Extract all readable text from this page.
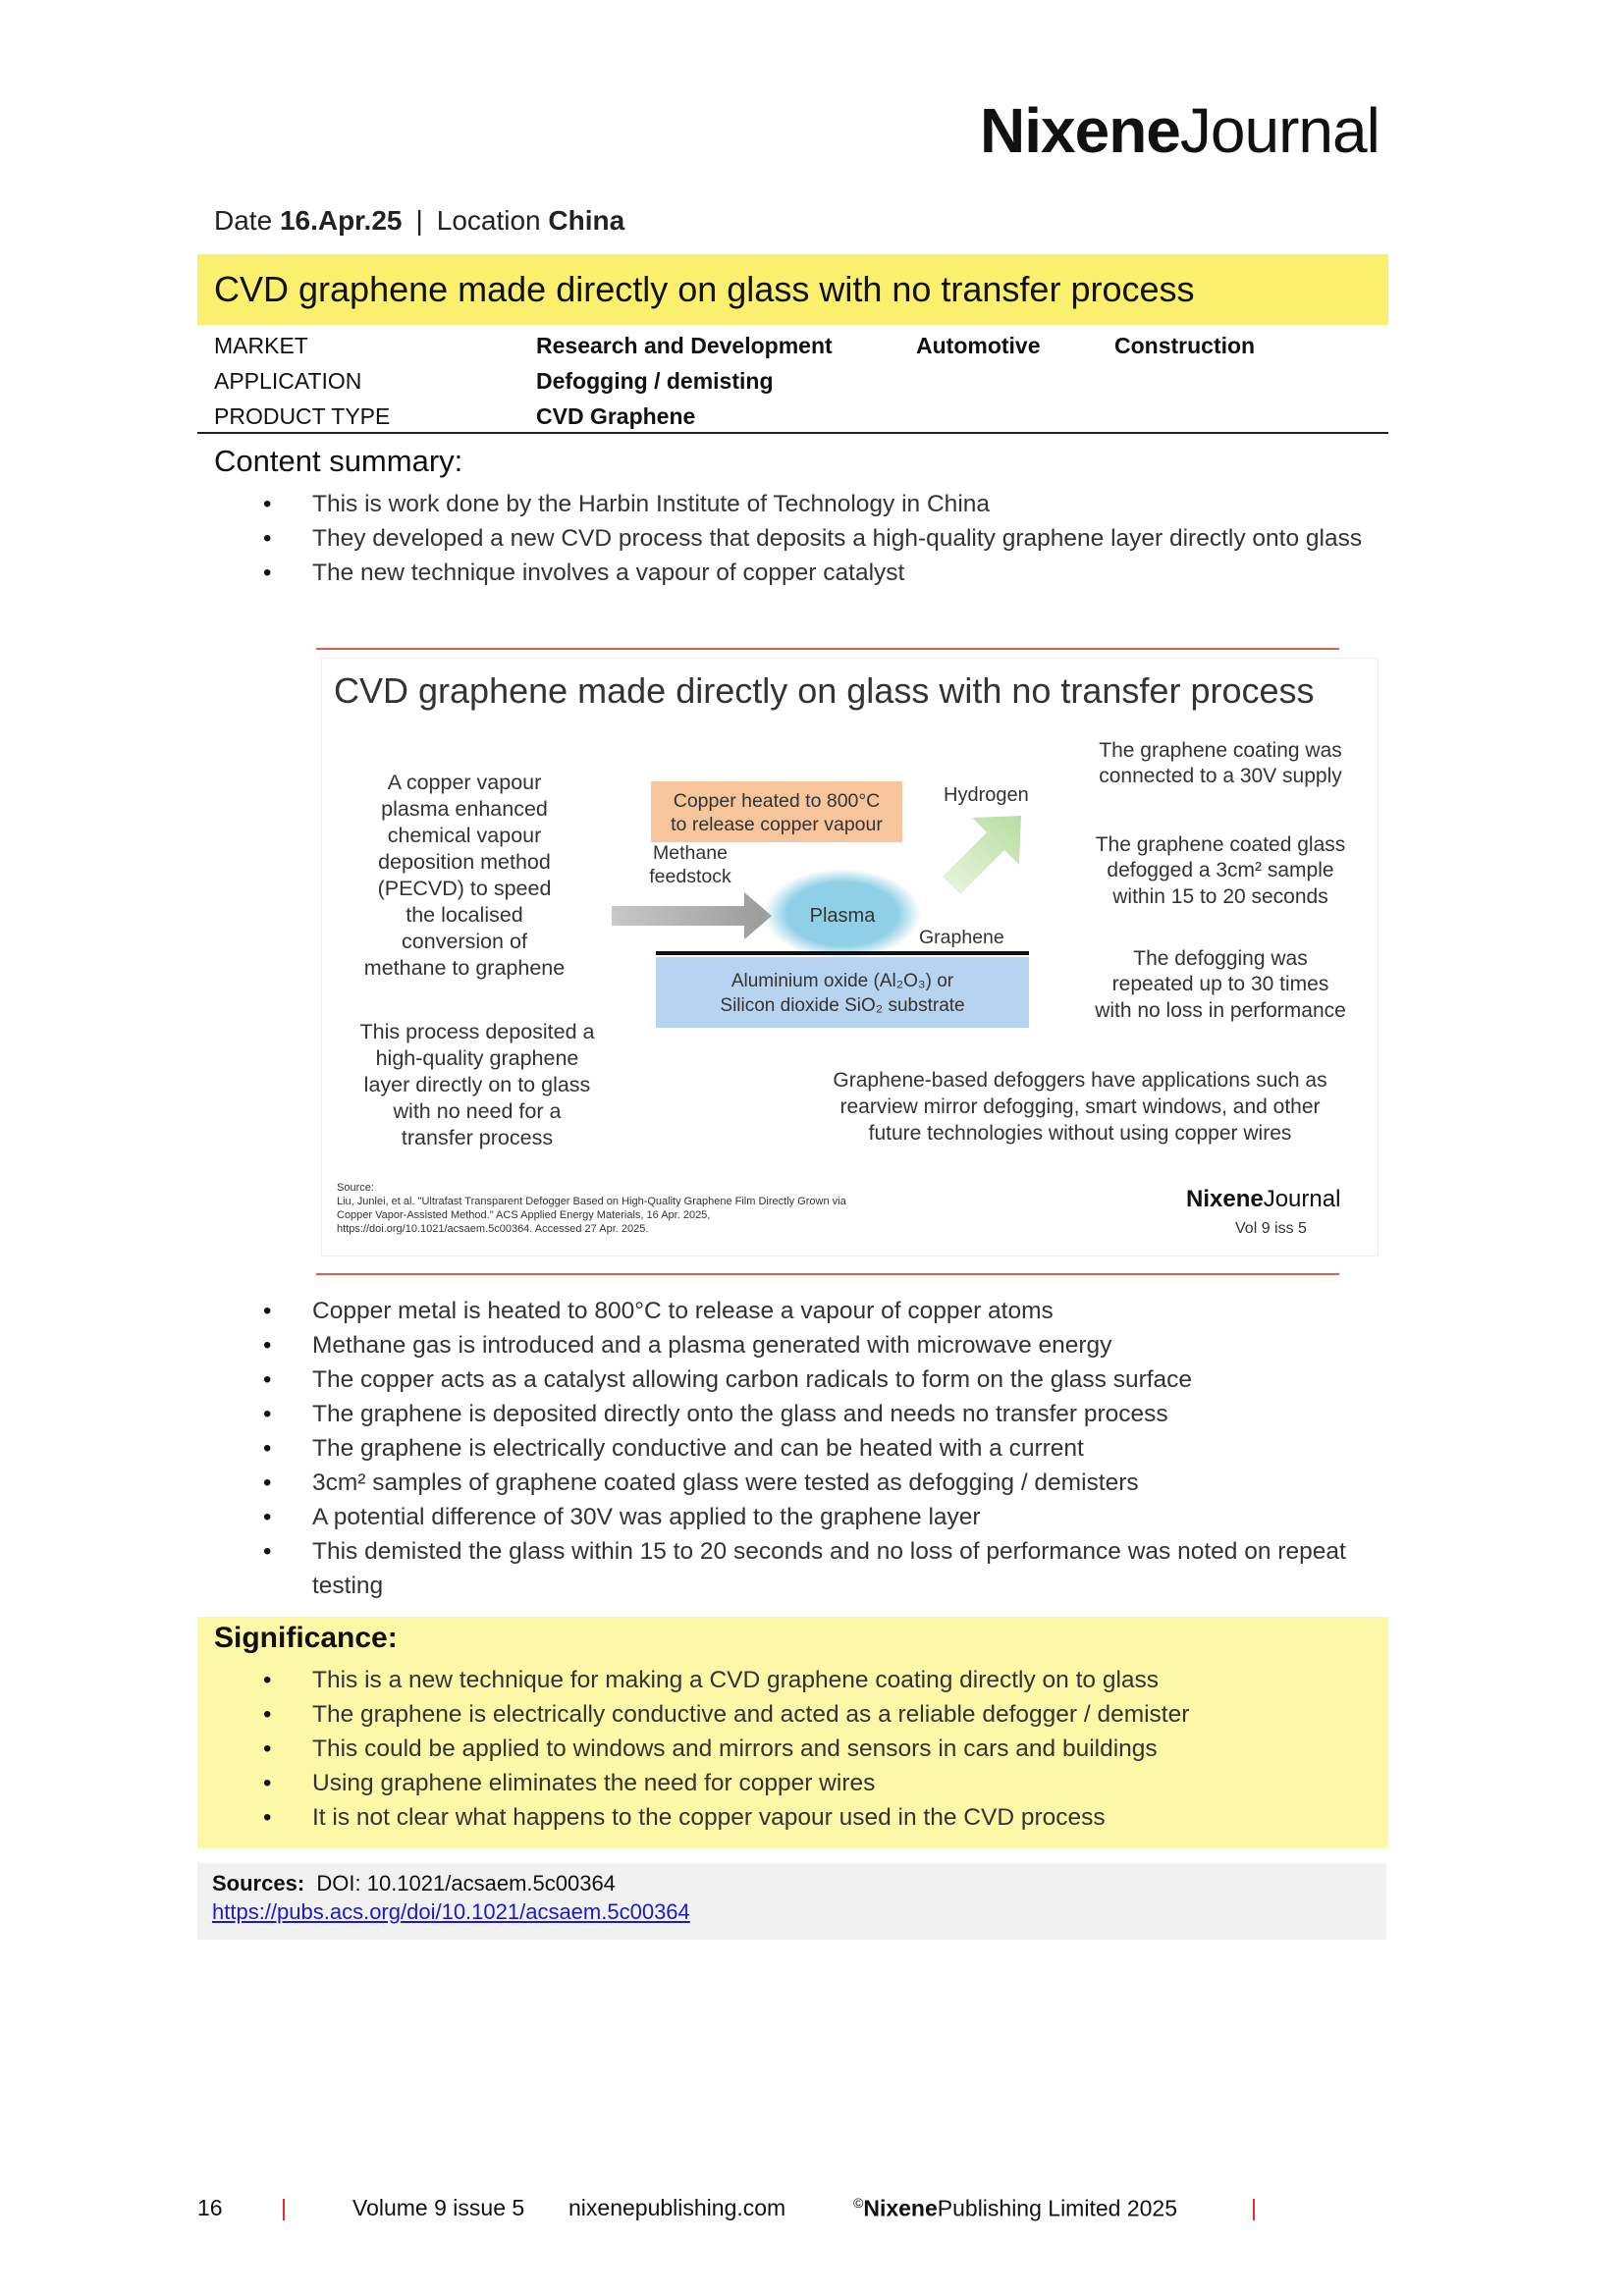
NixeneJournal
Date 16.Apr.25 | Location China
CVD graphene made directly on glass with no transfer process
MARKET	Research and Development	Automotive	Construction
APPLICATION	Defogging / demisting
PRODUCT TYPE	CVD Graphene
Content summary:
• This is work done by the Harbin Institute of Technology in China
• They developed a new CVD process that deposits a high-quality graphene layer directly onto glass
• The new technique involves a vapour of copper catalyst
CVD graphene made directly on glass with no transfer process
A copper vapour
plasma enhanced
chemical vapour
deposition method
(PECVD) to speed
the localised
conversion of
methane to graphene
This process deposited a
high-quality graphene
layer directly on to glass
with no need for a
transfer process
Copper heated to 800°C
to release copper vapour
Hydrogen
Methane
feedstock
Plasma
Graphene
Aluminium oxide (Al₂O₃) or
Silicon dioxide SiO₂ substrate
The graphene coating was
connected to a 30V supply
The graphene coated glass
defogged a 3cm² sample
within 15 to 20 seconds
The defogging was
repeated up to 30 times
with no loss in performance
Graphene-based defoggers have applications such as
rearview mirror defogging, smart windows, and other
future technologies without using copper wires
Source:
Liu, Junlei, et al. "Ultrafast Transparent Defogger Based on High-Quality Graphene Film Directly Grown via
Copper Vapor-Assisted Method." ACS Applied Energy Materials, 16 Apr. 2025,
https://doi.org/10.1021/acsaem.5c00364. Accessed 27 Apr. 2025.
NixeneJournal
Vol 9 iss 5
• Copper metal is heated to 800°C to release a vapour of copper atoms
• Methane gas is introduced and a plasma generated with microwave energy
• The copper acts as a catalyst allowing carbon radicals to form on the glass surface
• The graphene is deposited directly onto the glass and needs no transfer process
• The graphene is electrically conductive and can be heated with a current
• 3cm² samples of graphene coated glass were tested as defogging / demisters
• A potential difference of 30V was applied to the graphene layer
• This demisted the glass within 15 to 20 seconds and no loss of performance was noted on repeat testing
Significance:
• This is a new technique for making a CVD graphene coating directly on to glass
• The graphene is electrically conductive and acted as a reliable defogger / demister
• This could be applied to windows and mirrors and sensors in cars and buildings
• Using graphene eliminates the need for copper wires
• It is not clear what happens to the copper vapour used in the CVD process
Sources: DOI: 10.1021/acsaem.5c00364
https://pubs.acs.org/doi/10.1021/acsaem.5c00364
16	|	Volume 9 issue 5 nixenepublishing.com	©NixenePublishing Limited 2025	|
